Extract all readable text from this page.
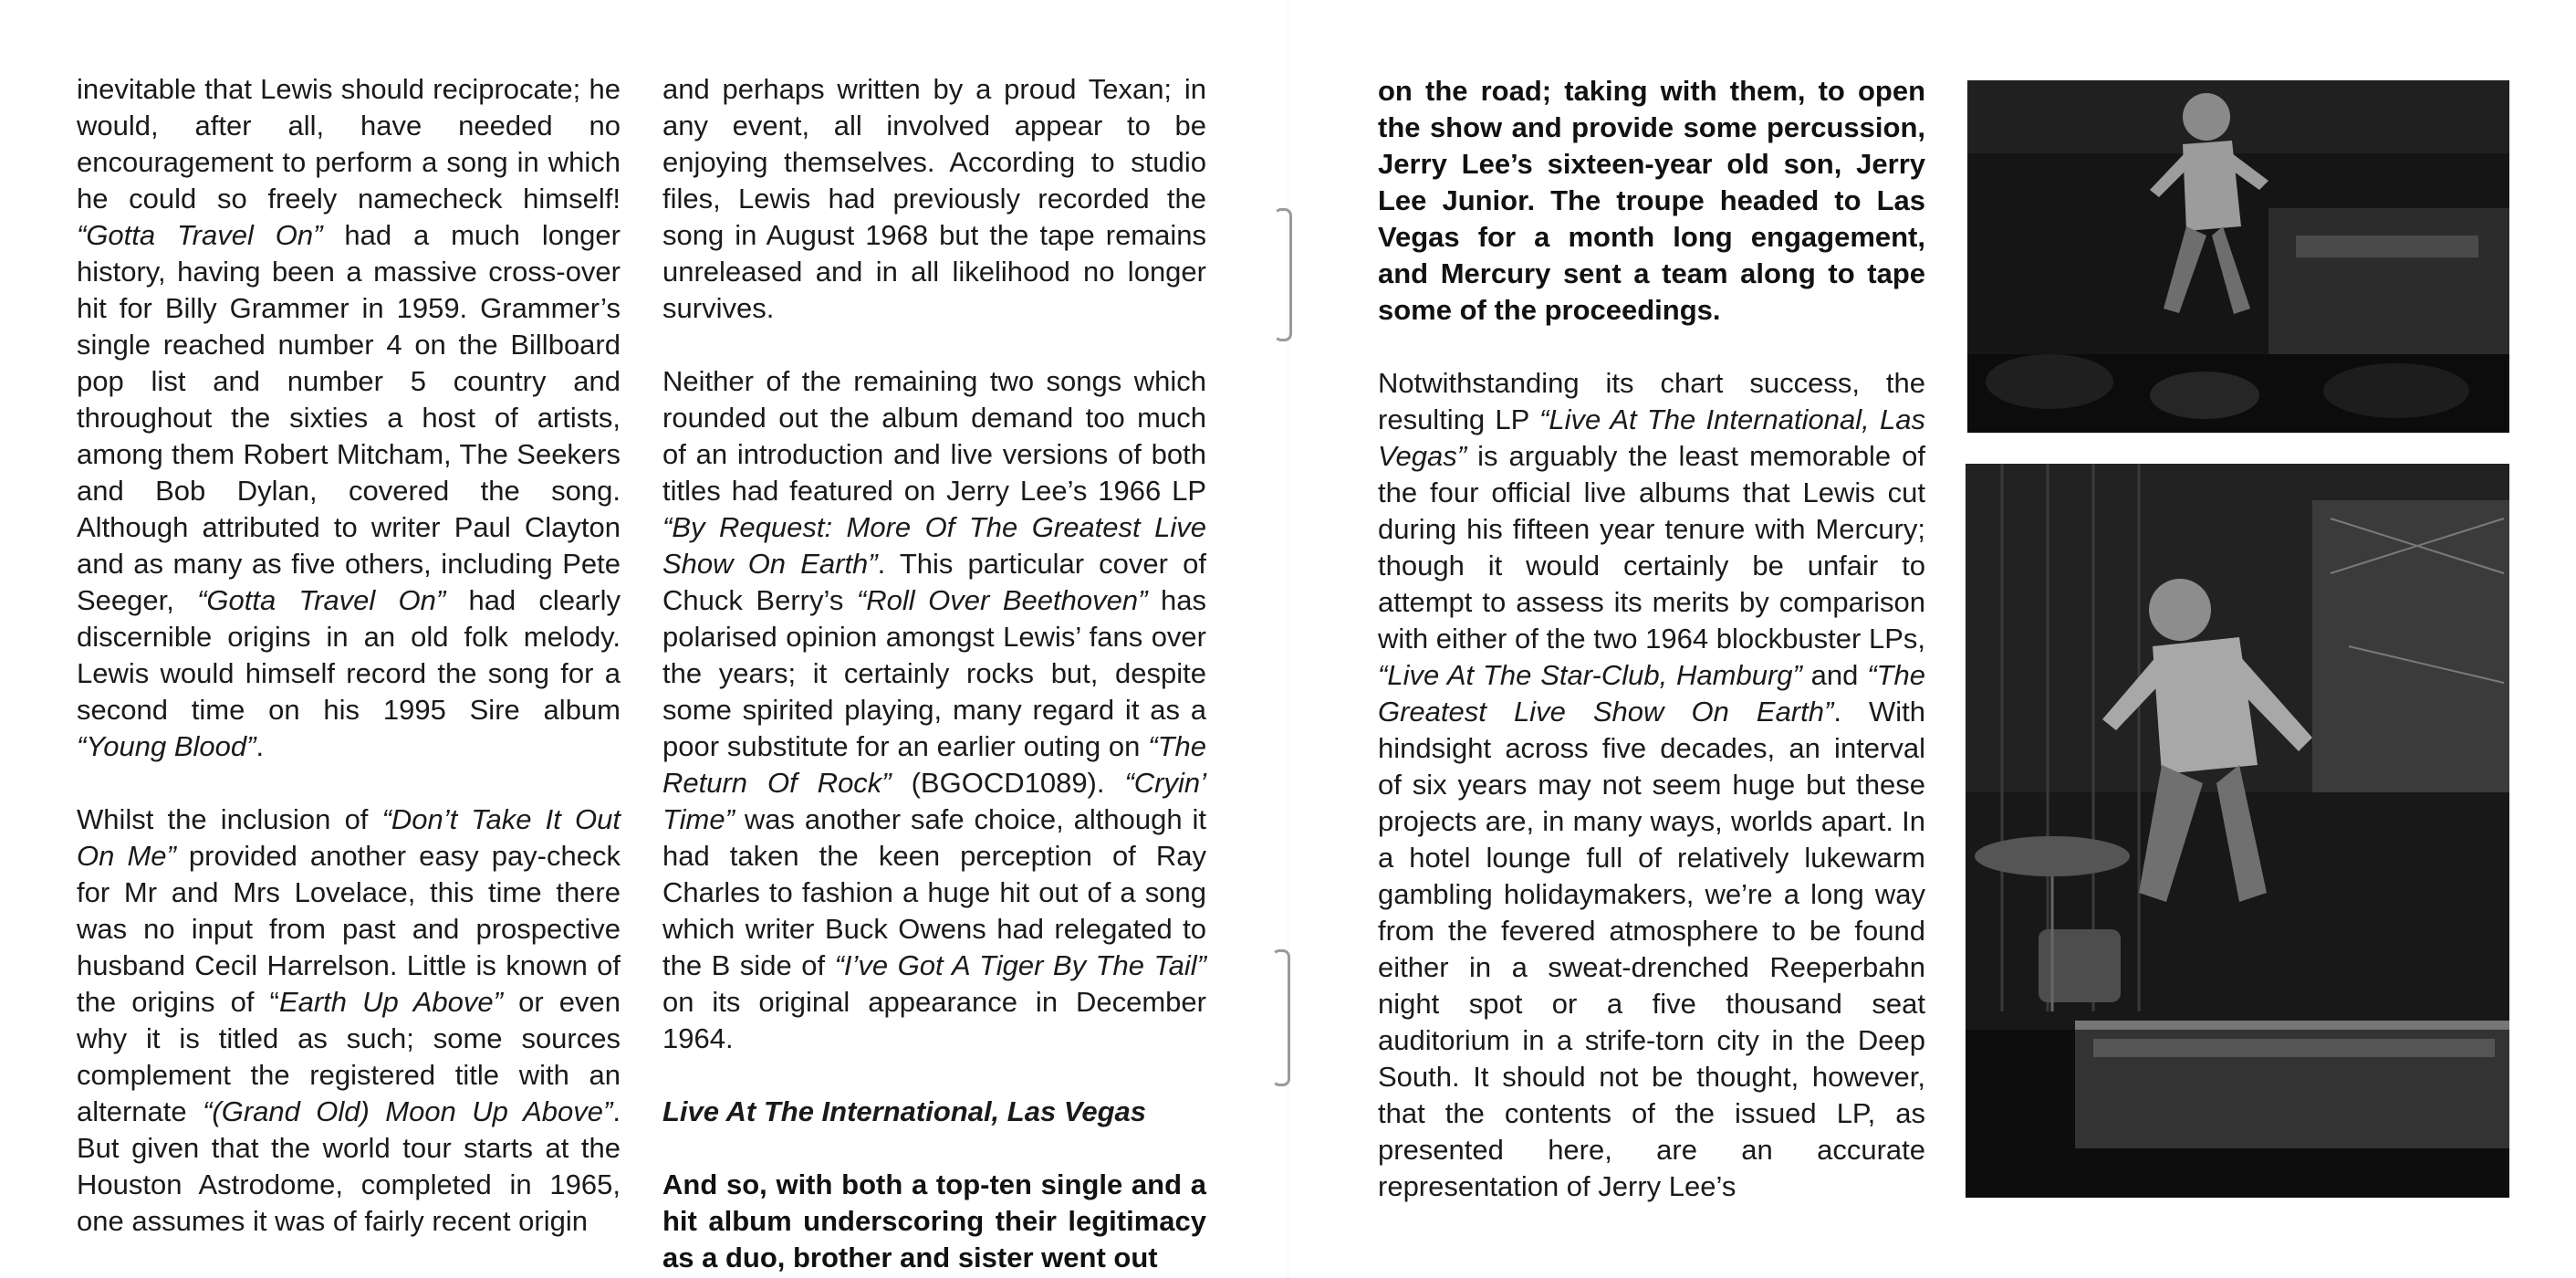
inevitable that Lewis should reciprocate; he would, after all, have needed no encouragement to perform a song in which he could so freely namecheck himself! “Gotta Travel On” had a much longer history, having been a massive cross-over hit for Billy Grammer in 1959. Grammer’s single reached number 4 on the Billboard pop list and number 5 country and throughout the sixties a host of artists, among them Robert Mitcham, The Seekers and Bob Dylan, covered the song. Although attributed to writer Paul Clayton and as many as five others, including Pete Seeger, “Gotta Travel On” had clearly discernible origins in an old folk melody. Lewis would himself record the song for a second time on his 1995 Sire album “Young Blood”.

Whilst the inclusion of “Don’t Take It Out On Me” provided another easy pay-check for Mr and Mrs Lovelace, this time there was no input from past and prospective husband Cecil Harrelson. Little is known of the origins of “Earth Up Above” or even why it is titled as such; some sources complement the registered title with an alternate “(Grand Old) Moon Up Above”. But given that the world tour starts at the Houston Astrodome, completed in 1965, one assumes it was of fairly recent origin

and perhaps written by a proud Texan; in any event, all involved appear to be enjoying themselves. According to studio files, Lewis had previously recorded the song in August 1968 but the tape remains unreleased and in all likelihood no longer survives.

Neither of the remaining two songs which rounded out the album demand too much of an introduction and live versions of both titles had featured on Jerry Lee’s 1966 LP “By Request: More Of The Greatest Live Show On Earth”. This particular cover of Chuck Berry’s “Roll Over Beethoven” has polarised opinion amongst Lewis’ fans over the years; it certainly rocks but, despite some spirited playing, many regard it as a poor substitute for an earlier outing on “The Return Of Rock” (BGOCD1089). “Cryin’ Time” was another safe choice, although it had taken the keen perception of Ray Charles to fashion a huge hit out of a song which writer Buck Owens had relegated to the B side of “I’ve Got A Tiger By The Tail” on its original appearance in December 1964.

Live At The International, Las Vegas

And so, with both a top-ten single and a hit album underscoring their legitimacy as a duo, brother and sister went out

on the road; taking with them, to open the show and provide some percussion, Jerry Lee’s sixteen-year old son, Jerry Lee Junior. The troupe headed to Las Vegas for a month long engagement, and Mercury sent a team along to tape some of the proceedings.

Notwithstanding its chart success, the resulting LP “Live At The International, Las Vegas” is arguably the least memorable of the four official live albums that Lewis cut during his fifteen year tenure with Mercury; though it would certainly be unfair to attempt to assess its merits by comparison with either of the two 1964 blockbuster LPs, “Live At The Star-Club, Hamburg” and “The Greatest Live Show On Earth”. With hindsight across five decades, an interval of six years may not seem huge but these projects are, in many ways, worlds apart. In a hotel lounge full of relatively lukewarm gambling holidaymakers, we’re a long way from the fevered atmosphere to be found either in a sweat-drenched Reeperbahn night spot or a five thousand seat auditorium in a strife-torn city in the Deep South. It should not be thought, however, that the contents of the issued LP, as presented here, are an accurate representation of Jerry Lee’s
